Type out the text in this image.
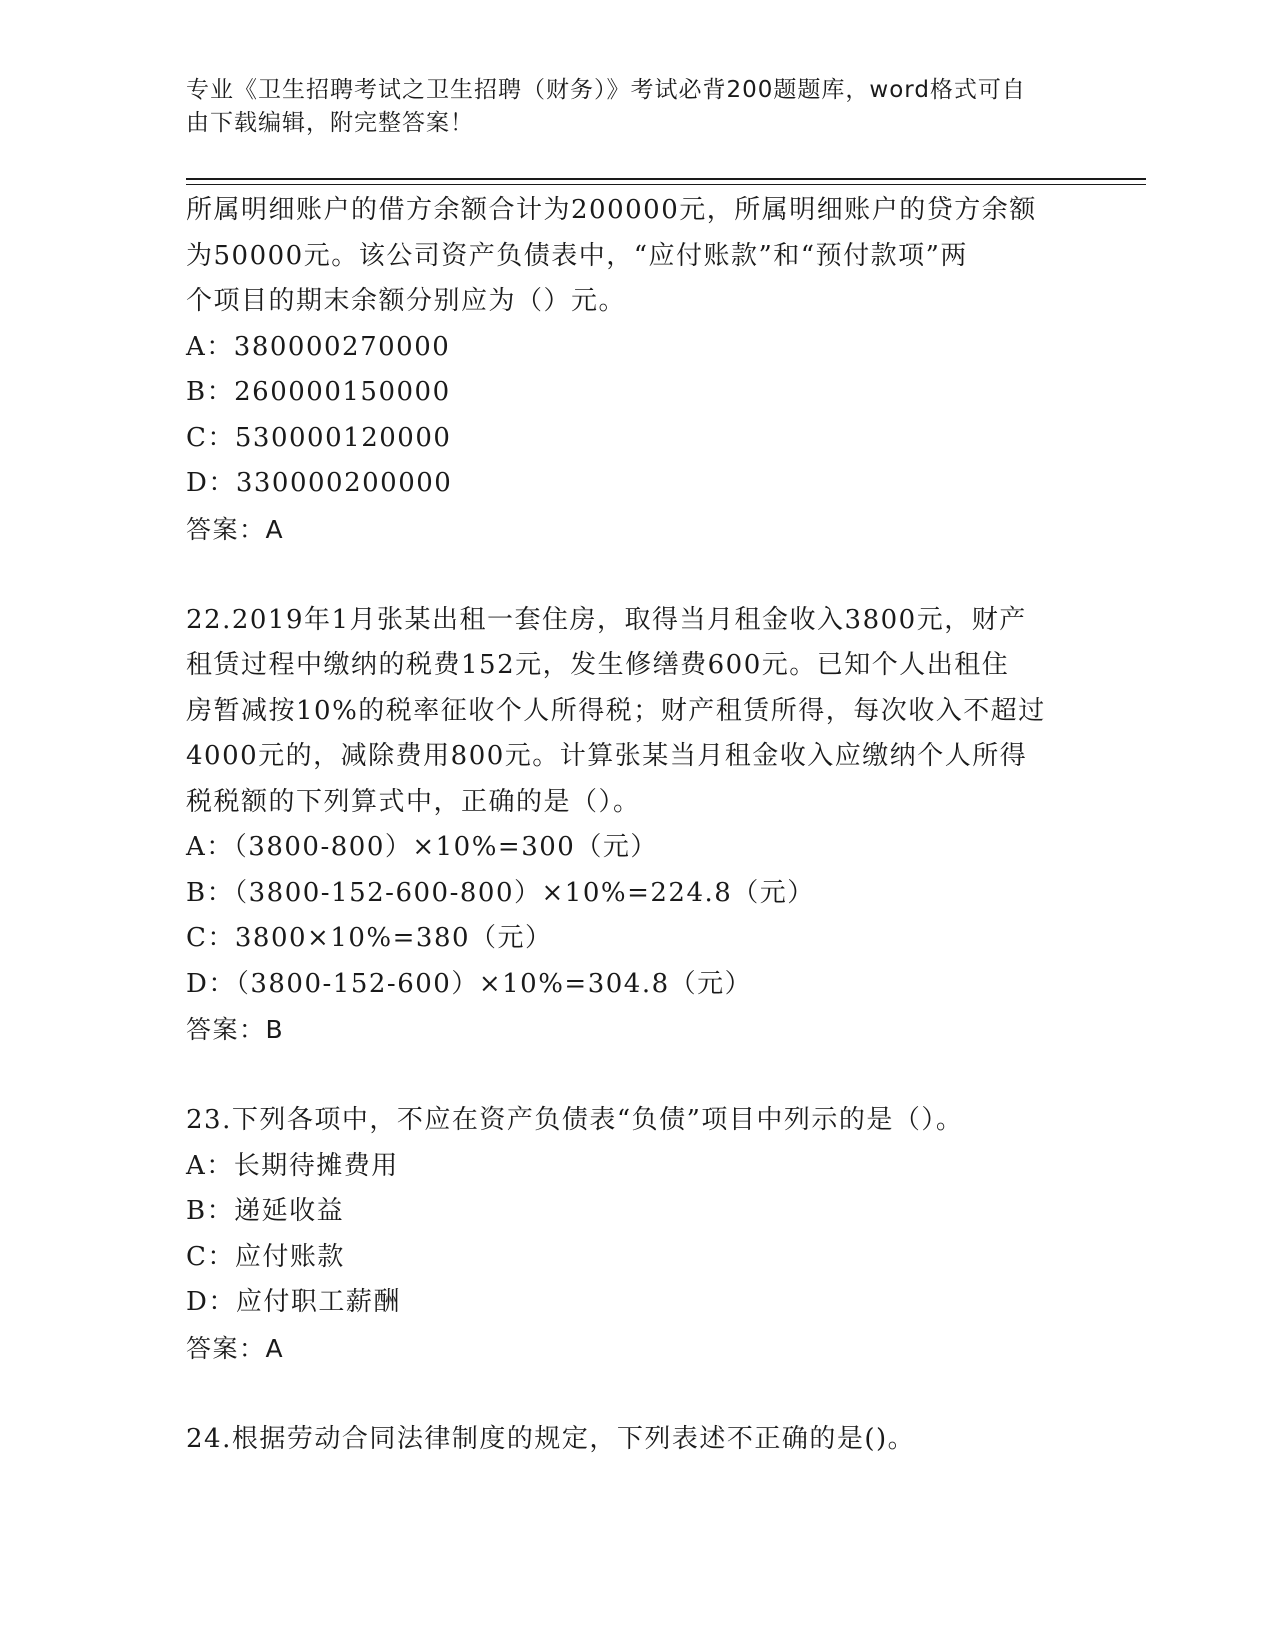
专业《卫生招聘考试之卫生招聘（财务）》考试必背200题题库，word格式可自
由下载编辑，附完整答案！
所属明细账户的借方余额合计为200000元，所属明细账户的贷方余额
为50000元。该公司资产负债表中，“应付账款”和“预付款项”两
个项目的期末余额分别应为（）元。
A：380000270000
B：260000150000
C：530000120000
D：330000200000
答案：A
22.2019年1月张某出租一套住房，取得当月租金收入3800元，财产
租赁过程中缴纳的税费152元，发生修缮费600元。已知个人出租住
房暂减按10%的税率征收个人所得税；财产租赁所得，每次收入不超过
4000元的，减除费用800元。计算张某当月租金收入应缴纳个人所得
税税额的下列算式中，正确的是（）。
A：（3800-800）×10%=300（元）
B：（3800-152-600-800）×10%=224.8（元）
C：3800×10%=380（元）
D：（3800-152-600）×10%=304.8（元）
答案：B
23.下列各项中，不应在资产负债表“负债”项目中列示的是（）。
A：长期待摊费用
B：递延收益
C：应付账款
D：应付职工薪酬
答案：A
24.根据劳动合同法律制度的规定，下列表述不正确的是()。
